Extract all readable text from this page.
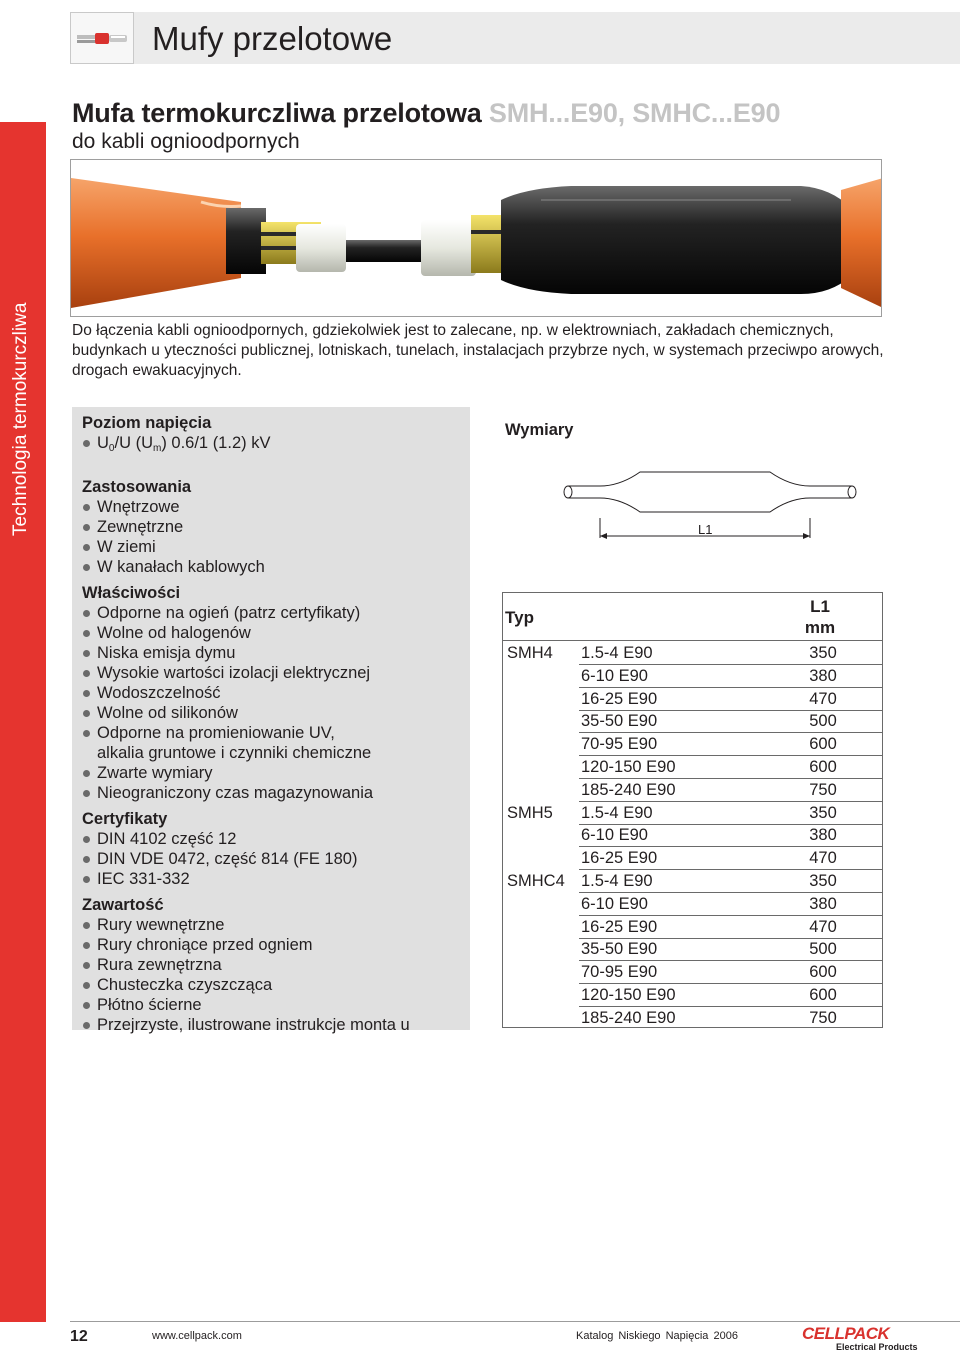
Mufy przelotowe
Technologia termokurczliwa
Mufa termokurczliwa przelotowa SMH...E90, SMHC...E90
do kabli ognioodpornych
Do łączenia kabli ognioodpornych, gdziekolwiek jest to zalecane, np. w elektrowniach, zakładach chemicznych, budynkach u yteczności publicznej, lotniskach, tunelach, instalacjach przybrze nych, w systemach przeciwpo arowych, drogach ewakuacyjnych.
Poziom napięcia
$U_0/U$ $(U_m)$ 0.6/1 (1.2) kV
Zastosowania
Wnętrzowe
Zewnętrzne
W ziemi
W kanałach kablowych
Właściwości
Odporne na ogień (patrz certyfikaty)
Wolne od halogenów
Niska emisja dymu
Wysokie wartości izolacji elektrycznej
Wodoszczelność
Wolne od silikonów
Odporne na promieniowanie UV,
alkalia gruntowe i czynniki chemiczne
Zwarte wymiary
Nieograniczony czas magazynowania
Certyfikaty
DIN 4102 część 12
DIN VDE 0472, część 814 (FE 180)
IEC 331-332
Zawartość
Rury wewnętrzne
Rury chroniące przed ogniem
Rura zewnętrzna
Chusteczka czyszcząca
Płótno ścierne
Przejrzyste, ilustrowane instrukcje monta u
Wymiary
L1
Typ
L1
mm
SMH4 1.5-4 E90	350
6-10 E90	380
16-25 E90	470
35-50 E90	500
70-95 E90	600
120-150 E90	600
185-240 E90	750
SMH5 1.5-4 E90	350
6-10 E90	380
16-25 E90	470
SMHC4 1.5-4 E90	350
6-10 E90	380
16-25 E90	470
35-50 E90	500
70-95 E90	600
120-150 E90	600
185-240 E90	750
12	www.cellpack.com	Katalog Niskiego Napięcia 2006	CELLPACK
Electrical Products
